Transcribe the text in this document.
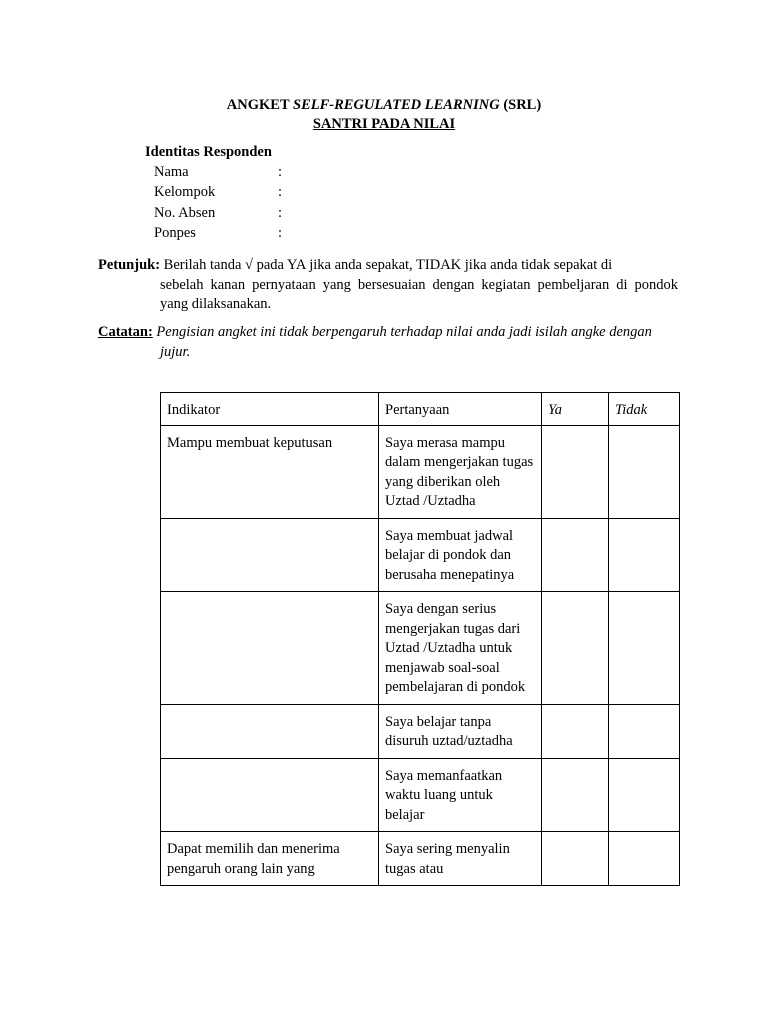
ANGKET SELF-REGULATED LEARNING (SRL)
SANTRI PADA NILAI
Identitas Responden
Nama	:
Kelompok	:
No. Absen	:
Ponpes	:
Petunjuk: Berilah tanda √ pada YA jika anda sepakat, TIDAK jika anda tidak sepakat di
sebelah kanan pernyataan yang bersesuaian dengan kegiatan pembeljaran di pondok yang dilaksanakan.
Catatan: Pengisian angket ini tidak berpengaruh terhadap nilai anda jadi isilah angke dengan
jujur.
Indikator	Pertanyaan	Ya	Tidak
Mampu membuat keputusan	Saya merasa mampu dalam mengerjakan tugas yang diberikan oleh Uztad /Uztadha		
	Saya membuat jadwal belajar di pondok dan berusaha menepatinya		
	Saya dengan serius mengerjakan tugas dari Uztad /Uztadha untuk menjawab soal-soal pembelajaran di pondok		
	Saya belajar tanpa disuruh uztad/uztadha		
	Saya memanfaatkan waktu luang untuk belajar		
Dapat memilih dan menerima pengaruh orang lain yang	Saya sering menyalin tugas atau		
